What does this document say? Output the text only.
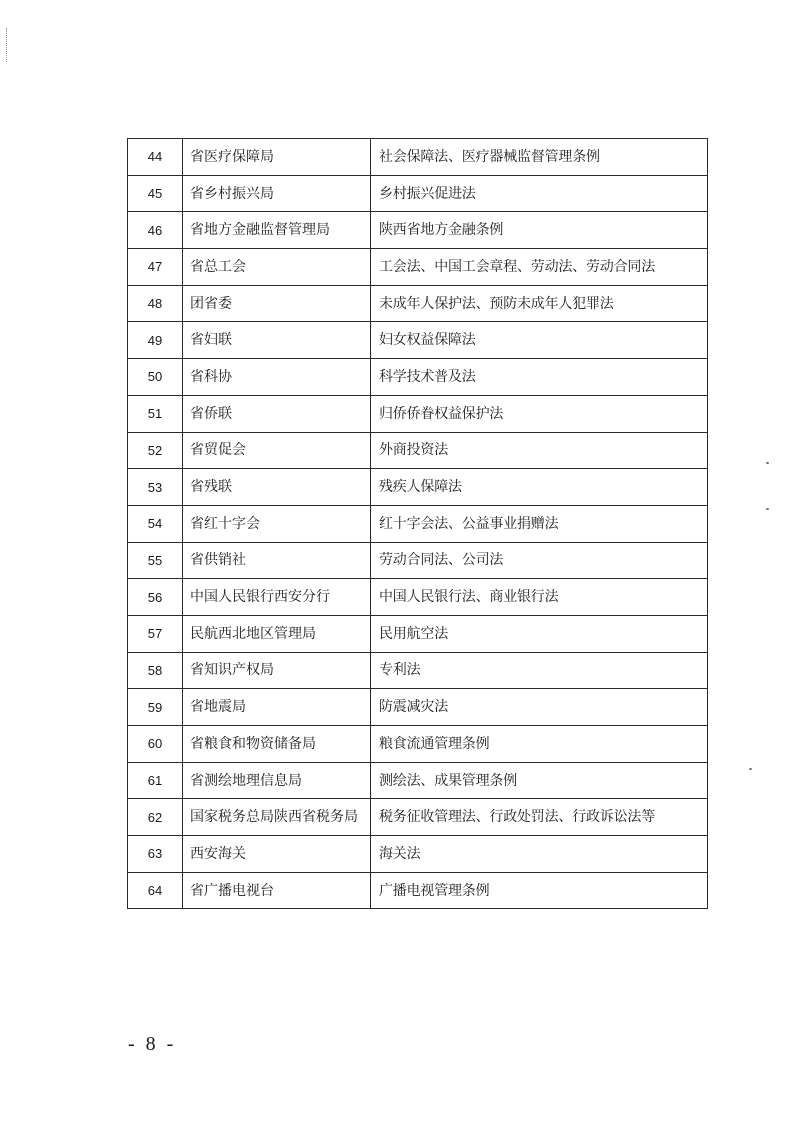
44	省医疗保障局	社会保障法、医疗器械监督管理条例
45	省乡村振兴局	乡村振兴促进法
46	省地方金融监督管理局	陕西省地方金融条例
47	省总工会	工会法、中国工会章程、劳动法、劳动合同法
48	团省委	未成年人保护法、预防未成年人犯罪法
49	省妇联	妇女权益保障法
50	省科协	科学技术普及法
51	省侨联	归侨侨眷权益保护法
52	省贸促会	外商投资法
53	省残联	残疾人保障法
54	省红十字会	红十字会法、公益事业捐赠法
55	省供销社	劳动合同法、公司法
56	中国人民银行西安分行	中国人民银行法、商业银行法
57	民航西北地区管理局	民用航空法
58	省知识产权局	专利法
59	省地震局	防震减灾法
60	省粮食和物资储备局	粮食流通管理条例
61	省测绘地理信息局	测绘法、成果管理条例
62	国家税务总局陕西省税务局	税务征收管理法、行政处罚法、行政诉讼法等
63	西安海关	海关法
64	省广播电视台	广播电视管理条例
- 8 -
